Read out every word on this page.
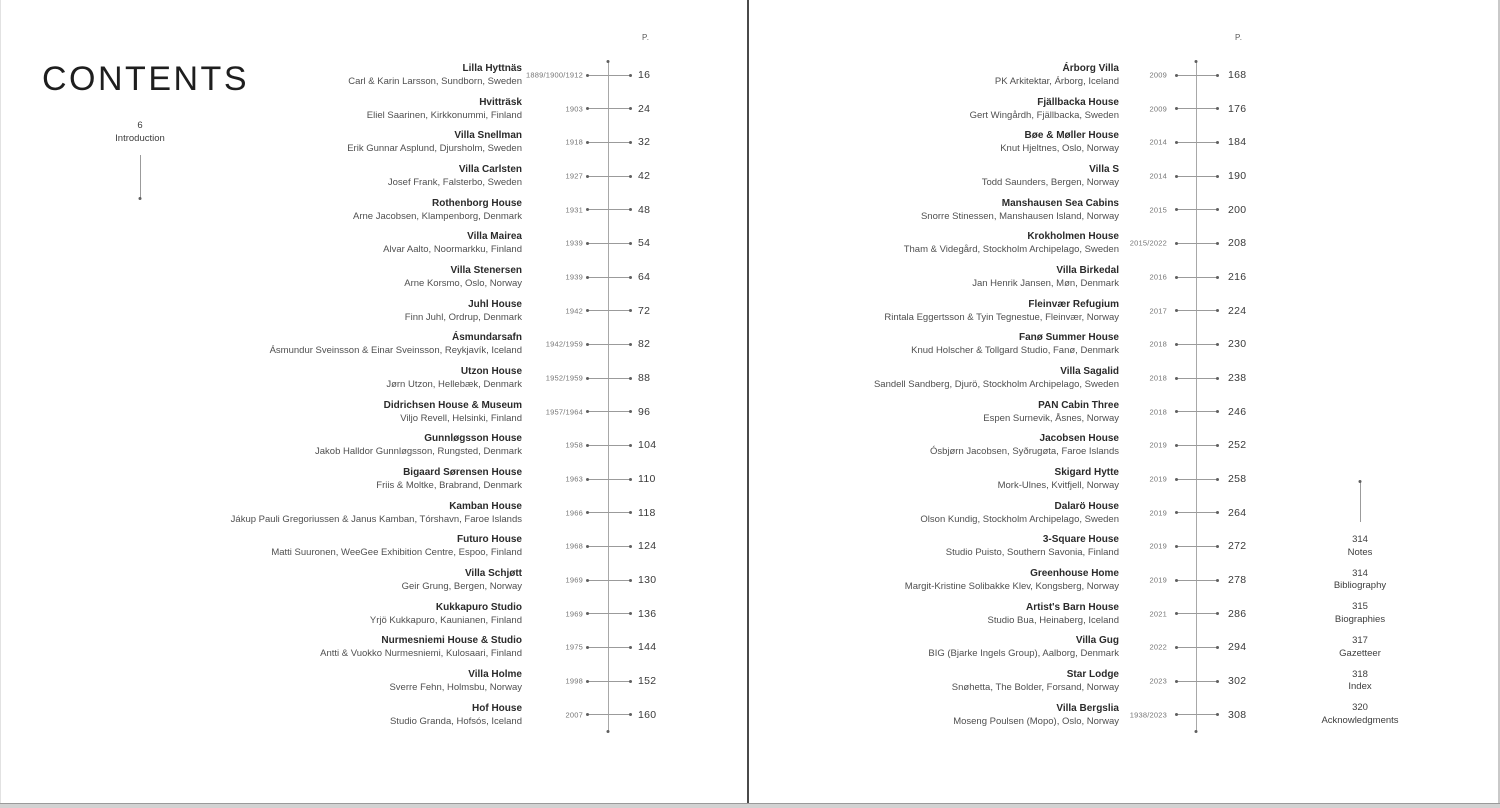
CONTENTS
6
Introduction
P.
Lilla Hyttnäs
Carl & Karin Larsson, Sundborn, Sweden
1889/1900/1912	16
Hvitträsk
Eliel Saarinen, Kirkkonummi, Finland
1903	24
Villa Snellman
Erik Gunnar Asplund, Djursholm, Sweden
1918	32
Villa Carlsten
Josef Frank, Falsterbo, Sweden
1927	42
Rothenborg House
Arne Jacobsen, Klampenborg, Denmark
1931	48
Villa Mairea
Alvar Aalto, Noormarkku, Finland
1939	54
Villa Stenersen
Arne Korsmo, Oslo, Norway
1939	64
Juhl House
Finn Juhl, Ordrup, Denmark
1942	72
Ásmundarsafn
Ásmundur Sveinsson & Einar Sveinsson, Reykjavík, Iceland
1942/1959	82
Utzon House
Jørn Utzon, Hellebæk, Denmark
1952/1959	88
Didrichsen House & Museum
Viljo Revell, Helsinki, Finland
1957/1964	96
Gunnløgsson House
Jakob Halldor Gunnløgsson, Rungsted, Denmark
1958	104
Bigaard Sørensen House
Friis & Moltke, Brabrand, Denmark
1963	110
Kamban House
Jákup Pauli Gregoriussen & Janus Kamban, Tórshavn, Faroe Islands
1966	118
Futuro House
Matti Suuronen, WeeGee Exhibition Centre, Espoo, Finland
1968	124
Villa Schjøtt
Geir Grung, Bergen, Norway
1969	130
Kukkapuro Studio
Yrjö Kukkapuro, Kaunianen, Finland
1969	136
Nurmesniemi House & Studio
Antti & Vuokko Nurmesniemi, Kulosaari, Finland
1975	144
Villa Holme
Sverre Fehn, Holmsbu, Norway
1998	152
Hof House
Studio Granda, Hofsós, Iceland
2007	160
P.
Árborg Villa
PK Arkitektar, Árborg, Iceland
2009	168
Fjällbacka House
Gert Wingårdh, Fjällbacka, Sweden
2009	176
Bøe & Møller House
Knut Hjeltnes, Oslo, Norway
2014	184
Villa S
Todd Saunders, Bergen, Norway
2014	190
Manshausen Sea Cabins
Snorre Stinessen, Manshausen Island, Norway
2015	200
Krokholmen House
Tham & Videgård, Stockholm Archipelago, Sweden
2015/2022	208
Villa Birkedal
Jan Henrik Jansen, Møn, Denmark
2016	216
Fleinvær Refugium
Rintala Eggertsson & Tyin Tegnestue, Fleinvær, Norway
2017	224
Fanø Summer House
Knud Holscher & Tollgard Studio, Fanø, Denmark
2018	230
Villa Sagalid
Sandell Sandberg, Djurö, Stockholm Archipelago, Sweden
2018	238
PAN Cabin Three
Espen Surnevik, Åsnes, Norway
2018	246
Jacobsen House
Ósbjørn Jacobsen, Syðrugøta, Faroe Islands
2019	252
Skigard Hytte
Mork-Ulnes, Kvitfjell, Norway
2019	258
Dalarö House
Olson Kundig, Stockholm Archipelago, Sweden
2019	264
3-Square House
Studio Puisto, Southern Savonia, Finland
2019	272
Greenhouse Home
Margit-Kristine Solibakke Klev, Kongsberg, Norway
2019	278
Artist's Barn House
Studio Bua, Heinaberg, Iceland
2021	286
Villa Gug
BIG (Bjarke Ingels Group), Aalborg, Denmark
2022	294
Star Lodge
Snøhetta, The Bolder, Forsand, Norway
2023	302
Villa Bergslia
Moseng Poulsen (Mopo), Oslo, Norway
1938/2023	308
314
Notes
314
Bibliography
315
Biographies
317
Gazetteer
318
Index
320
Acknowledgments
